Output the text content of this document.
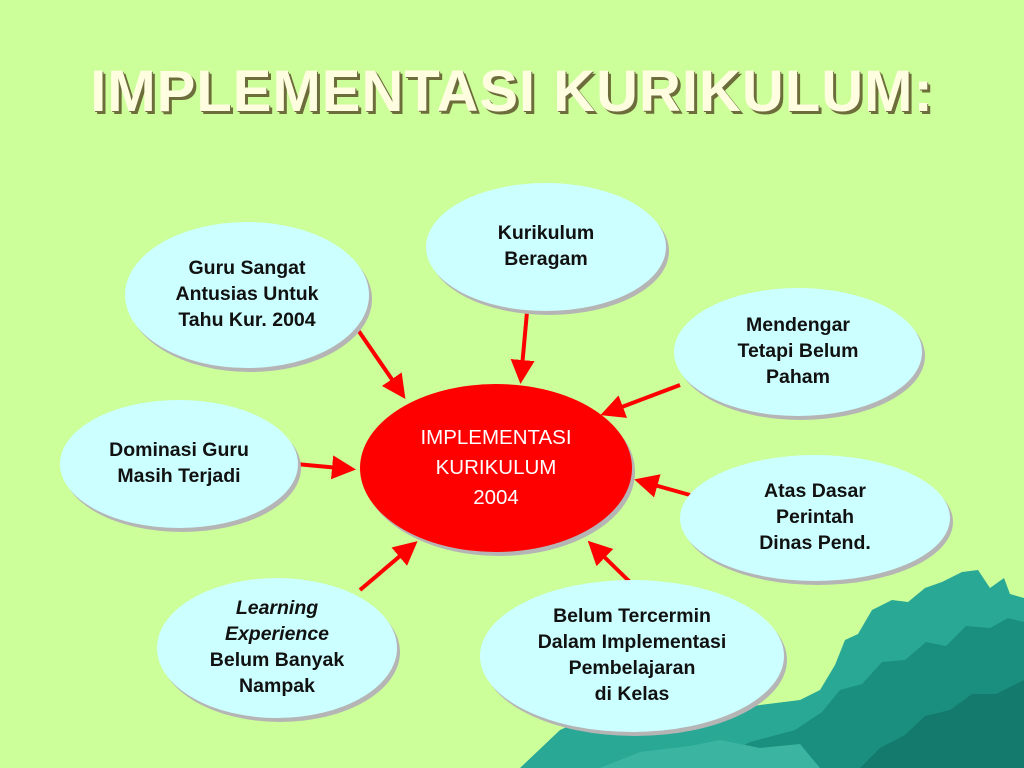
IMPLEMENTASI KURIKULUM:
Guru Sangat
Antusias Untuk
Tahu Kur. 2004
Kurikulum
Beragam
Mendengar
Tetapi Belum
Paham
Dominasi Guru
Masih Terjadi
Atas Dasar
Perintah
Dinas Pend.
Learning
Experience
Belum Banyak
Nampak
Belum Tercermin
Dalam Implementasi
Pembelajaran
di Kelas
IMPLEMENTASI
KURIKULUM
2004
